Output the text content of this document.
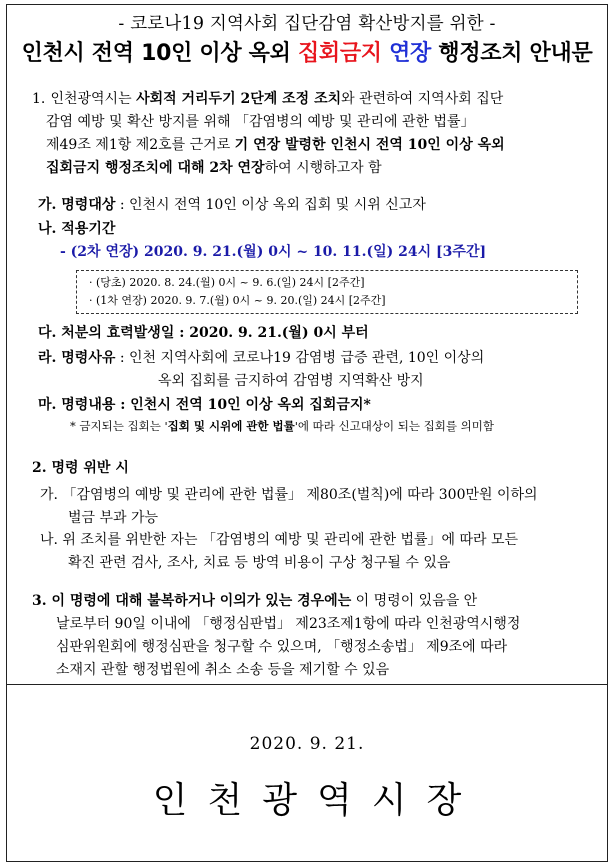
- 코로나19 지역사회 집단감염 확산방지를 위한 -
인천시 전역 10인 이상 옥외 집회금지 연장 행정조치 안내문
1. 인천광역시는 사회적 거리두기 2단계 조정 조치와 관련하여 지역사회 집단
감염 예방 및 확산 방지를 위해 「감염병의 예방 및 관리에 관한 법률」
제49조 제1항 제2호를 근거로 기 연장 발령한 인천시 전역 10인 이상 옥외
집회금지 행정조치에 대해 2차 연장하여 시행하고자 함
가. 명령대상 : 인천시 전역 10인 이상 옥외 집회 및 시위 신고자
나. 적용기간
- (2차 연장) 2020. 9. 21.(월) 0시 ~ 10. 11.(일) 24시 [3주간]
· (당초) 2020. 8. 24.(월) 0시 ~ 9. 6.(일) 24시 [2주간]
· (1차 연장) 2020. 9. 7.(월) 0시 ~ 9. 20.(일) 24시 [2주간]
다. 처분의 효력발생일 : 2020. 9. 21.(월) 0시 부터
라. 명령사유 : 인천 지역사회에 코로나19 감염병 급증 관련, 10인 이상의
옥외 집회를 금지하여 감염병 지역확산 방지
마. 명령내용 : 인천시 전역 10인 이상 옥외 집회금지*
* 금지되는 집회는 '집회 및 시위에 관한 법률'에 따라 신고대상이 되는 집회를 의미함
2. 명령 위반 시
가. 「감염병의 예방 및 관리에 관한 법률」 제80조(벌칙)에 따라 300만원 이하의
벌금 부과 가능
나. 위 조치를 위반한 자는 「감염병의 예방 및 관리에 관한 법률」에 따라 모든
확진 관련 검사, 조사, 치료 등 방역 비용이 구상 청구될 수 있음
3. 이 명령에 대해 불복하거나 이의가 있는 경우에는 이 명령이 있음을 안
날로부터 90일 이내에 「행정심판법」 제23조제1항에 따라 인천광역시행정
심판위원회에 행정심판을 청구할 수 있으며, 「행정소송법」 제9조에 따라
소재지 관할 행정법원에 취소 소송 등을 제기할 수 있음
2020. 9. 21.
인천광역시장
